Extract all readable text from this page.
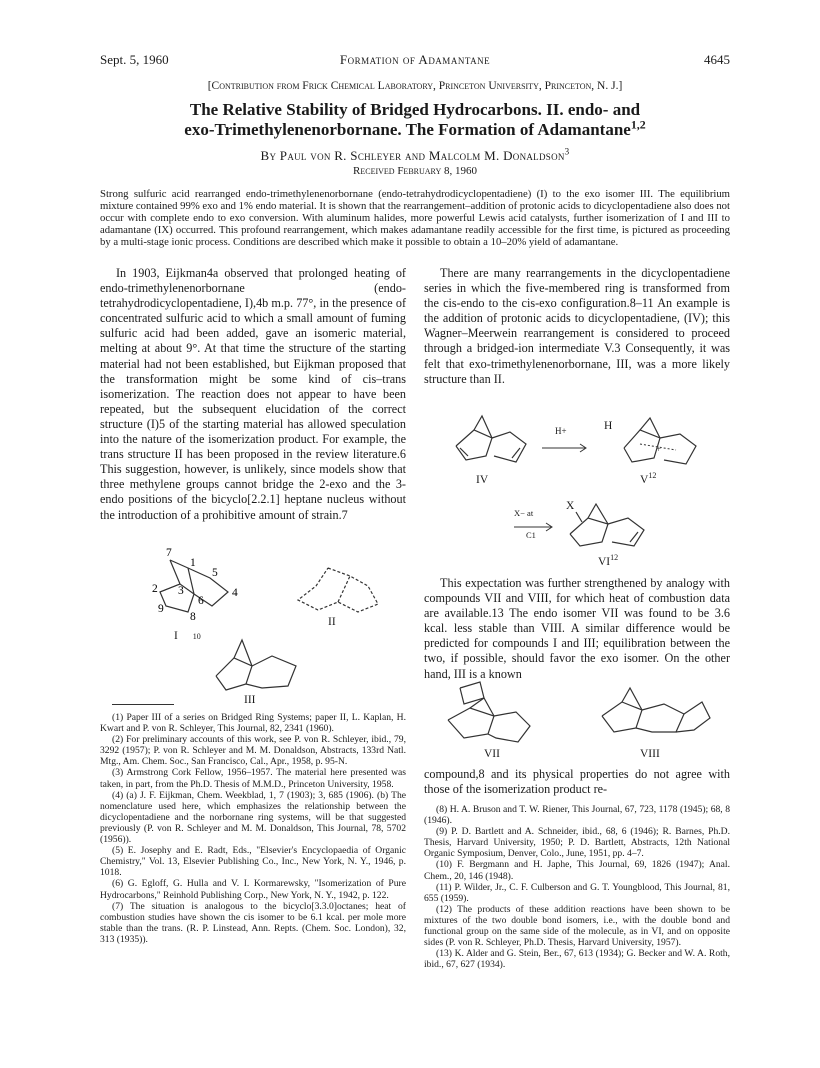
Sept. 5, 1960	Formation of Adamantane	4645
[Contribution from Frick Chemical Laboratory, Princeton University, Princeton, N. J.]
The Relative Stability of Bridged Hydrocarbons. II. endo- and
exo-Trimethylenenorbornane. The Formation of Adamantane$^{1,2}$
By Paul von R. Schleyer and Malcolm M. Donaldson$^3$
Received February 8, 1960
Strong sulfuric acid rearranged endo-trimethylenenorbornane (endo-tetrahydrodicyclopentadiene) (I) to the exo isomer III. The equilibrium mixture contained 99% exo and 1% endo material. It is shown that the rearrangement–addition of protonic acids to dicyclopentadiene also does not occur with complete endo to exo conversion. With aluminum halides, more powerful Lewis acid catalysts, further isomerization of I and III to adamantane (IX) occurred. This profound rearrangement, which makes adamantane readily accessible for the first time, is pictured as proceeding by a multi-stage ionic process. Conditions are described which make it possible to obtain a 10–20% yield of adamantane.

In 1903, Eijkman4a observed that prolonged heating of endo-trimethylenenorbornane (endo-tetrahydrodicyclopentadiene, I),4b m.p. 77°, in the presence of concentrated sulfuric acid to which a small amount of fuming sulfuric acid had been added, gave an isomeric material, melting at about 9°. At that time the structure of the starting material had not been established, but Eijkman proposed that the transformation might be some kind of cis–trans isomerization. The reaction does not appear to have been repeated, but the subsequent elucidation of the correct structure (I)5 of the starting material has allowed speculation into the nature of the isomerization product. For example, the trans structure II has been proposed in the review literature.6 This suggestion, however, is unlikely, since models show that three methylene groups cannot bridge the 2-exo and the 3-endo positions of the bicyclo[2.2.1] heptane nucleus without the introduction of a prohibitive amount of strain.7

7
1
5
4
2
9
8
6
3
I 10
II
III

(1) Paper III of a series on Bridged Ring Systems; paper II, L. Kaplan, H. Kwart and P. von R. Schleyer, This Journal, 82, 2341 (1960).

(2) For preliminary accounts of this work, see P. von R. Schleyer, ibid., 79, 3292 (1957); P. von R. Schleyer and M. M. Donaldson, Abstracts, 133rd Natl. Mtg., Am. Chem. Soc., San Francisco, Cal., Apr., 1958, p. 95-N.

(3) Armstrong Cork Fellow, 1956–1957. The material here presented was taken, in part, from the Ph.D. Thesis of M.M.D., Princeton University, 1958.

(4) (a) J. F. Eijkman, Chem. Weekblad, 1, 7 (1903); 3, 685 (1906). (b) The nomenclature used here, which emphasizes the relationship between the dicyclopentadiene and the norbornane ring systems, will be that suggested previously (P. von R. Schleyer and M. M. Donaldson, This Journal, 78, 5702 (1956)).

(5) E. Josephy and E. Radt, Eds., "Elsevier's Encyclopaedia of Organic Chemistry," Vol. 13, Elsevier Publishing Co., Inc., New York, N. Y., 1946, p. 1018.

(6) G. Egloff, G. Hulla and V. I. Kormarewsky, "Isomerization of Pure Hydrocarbons," Reinhold Publishing Corp., New York, N. Y., 1942, p. 122.

(7) The situation is analogous to the bicyclo[3.3.0]octanes; heat of combustion studies have shown the cis isomer to be 6.1 kcal. per mole more stable than the trans. (R. P. Linstead, Ann. Repts. (Chem. Soc. London), 32, 313 (1935)).

There are many rearrangements in the dicyclopentadiene series in which the five-membered ring is transformed from the cis-endo to the cis-exo configuration.8–11 An example is the addition of protonic acids to dicyclopentadiene, (IV); this Wagner–Meerwein rearrangement is considered to proceed through a bridged-ion intermediate V.3 Consequently, it was felt that exo-trimethylenenorbornane, III, was a more likely structure than II.

IV
H+
+
H
$V^{12}$
X− at
C1
X
VI$^{12}$

This expectation was further strengthened by analogy with compounds VII and VIII, for which heat of combustion data are available.13 The endo isomer VII was found to be 3.6 kcal. less stable than VIII. A similar difference would be predicted for compounds I and III; equilibration between the two, if possible, should favor the exo isomer. On the other hand, III is a known

VII	VIII

compound,8 and its physical properties do not agree with those of the isomerization product re-

(8) H. A. Bruson and T. W. Riener, This Journal, 67, 723, 1178 (1945); 68, 8 (1946).

(9) P. D. Bartlett and A. Schneider, ibid., 68, 6 (1946); R. Barnes, Ph.D. Thesis, Harvard University, 1950; P. D. Bartlett, Abstracts, 12th National Organic Symposium, Denver, Colo., June, 1951, pp. 4–7.

(10) F. Bergmann and H. Japhe, This Journal, 69, 1826 (1947); Anal. Chem., 20, 146 (1948).

(11) P. Wilder, Jr., C. F. Culberson and G. T. Youngblood, This Journal, 81, 655 (1959).

(12) The products of these addition reactions have been shown to be mixtures of the two double bond isomers, i.e., with the double bond and functional group on the same side of the molecule, as in VI, and on opposite sides (P. von R. Schleyer, Ph.D. Thesis, Harvard University, 1957).

(13) K. Alder and G. Stein, Ber., 67, 613 (1934); G. Becker and W. A. Roth, ibid., 67, 627 (1934).
